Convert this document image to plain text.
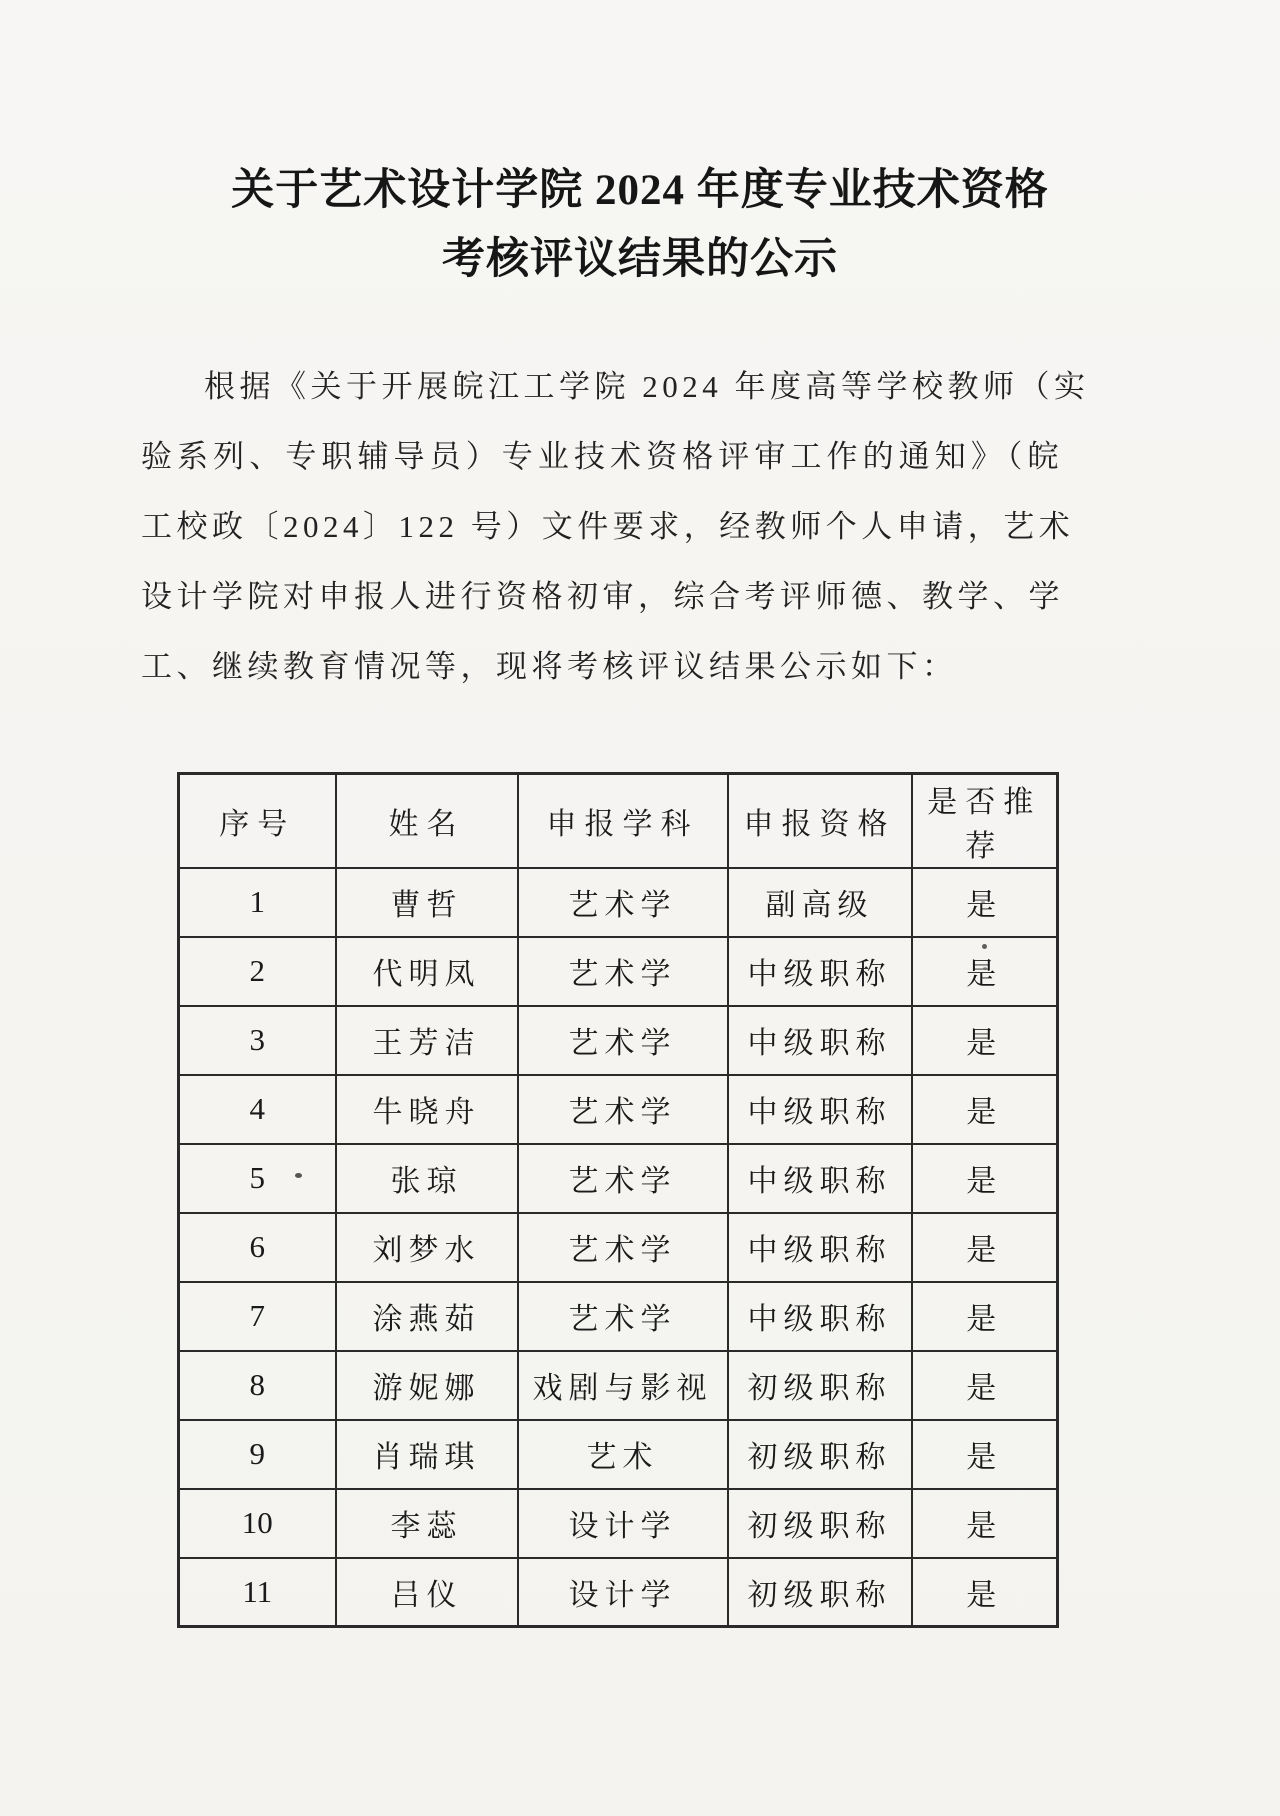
关于艺术设计学院 2024 年度专业技术资格
考核评议结果的公示
根据《关于开展皖江工学院 2024 年度高等学校教师（实
验系列、专职辅导员）专业技术资格评审工作的通知》（皖
工校政〔2024〕122 号）文件要求，经教师个人申请，艺术
设计学院对申报人进行资格初审，综合考评师德、教学、学
工、继续教育情况等，现将考核评议结果公示如下：
序号	姓名	申报学科	申报资格	是否推荐
1	曹哲	艺术学	副高级	是
2	代明凤	艺术学	中级职称	是
3	王芳洁	艺术学	中级职称	是
4	牛晓舟	艺术学	中级职称	是
5	张琼	艺术学	中级职称	是
6	刘梦水	艺术学	中级职称	是
7	涂燕茹	艺术学	中级职称	是
8	游妮娜	戏剧与影视	初级职称	是
9	肖瑞琪	艺术	初级职称	是
10	李蕊	设计学	初级职称	是
11	吕仪	设计学	初级职称	是
